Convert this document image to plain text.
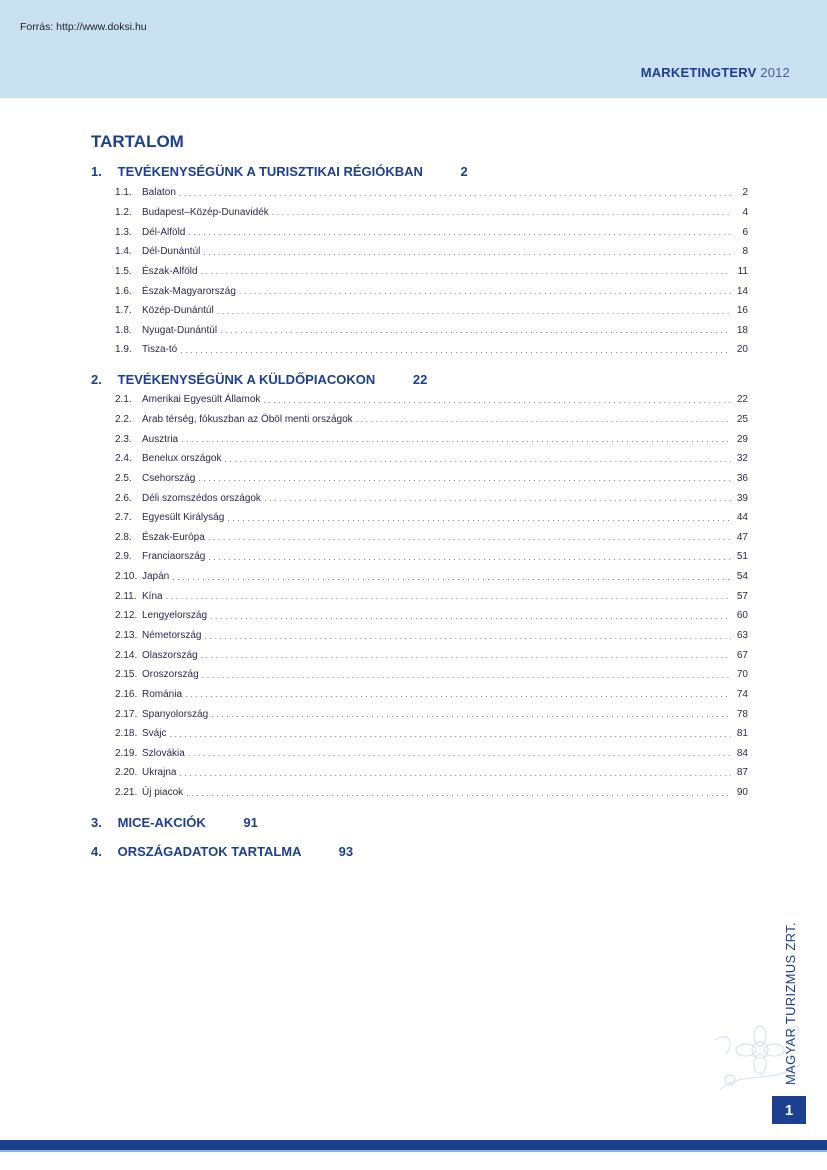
Forrás: http://www.doksi.hu
MARKETINGTERV 2012
TARTALOM
1. TEVÉKENYSÉGÜNK A TURISZTIKAI RÉGIÓKBAN	2
1.1.	Balaton . . .	2
1.2.	Budapest–Közép-Dunavidék . . .	4
1.3.	Dél-Alföld . . .	6
1.4.	Dél-Dunántúl . . .	8
1.5.	Észak-Alföld . . .	11
1.6.	Észak-Magyarország . . .	14
1.7.	Közép-Dunántúl . . .	16
1.8.	Nyugat-Dunántúl . . .	18
1.9.	Tisza-tó . . .	20
2. TEVÉKENYSÉGÜNK A KÜLDŐPIACOKON	22
2.1.	Amerikai Egyesült Államok . . .	22
2.2.	Arab térség, fókuszban az Öböl menti országok . . .	25
2.3.	Ausztria . . .	29
2.4.	Benelux országok . . .	32
2.5.	Csehország . . .	36
2.6.	Déli szomszédos országok . . .	39
2.7.	Egyesült Királyság . . .	44
2.8.	Észak-Európa . . .	47
2.9.	Franciaország . . .	51
2.10. Japán . . .	54
2.11. Kína . . .	57
2.12. Lengyelország . . .	60
2.13. Németország . . .	63
2.14. Olaszország . . .	67
2.15. Oroszország . . .	70
2.16. Románia . . .	74
2.17. Spanyolország . . .	78
2.18. Svájc . . .	81
2.19. Szlovákia . . .	84
2.20. Ukrajna . . .	87
2.21. Új piacok . . .	90
3. MICE-AKCIÓK	91
4. ORSZÁGADATOK TARTALMA	93
MAGYAR TURIZMUS ZRT.
1
